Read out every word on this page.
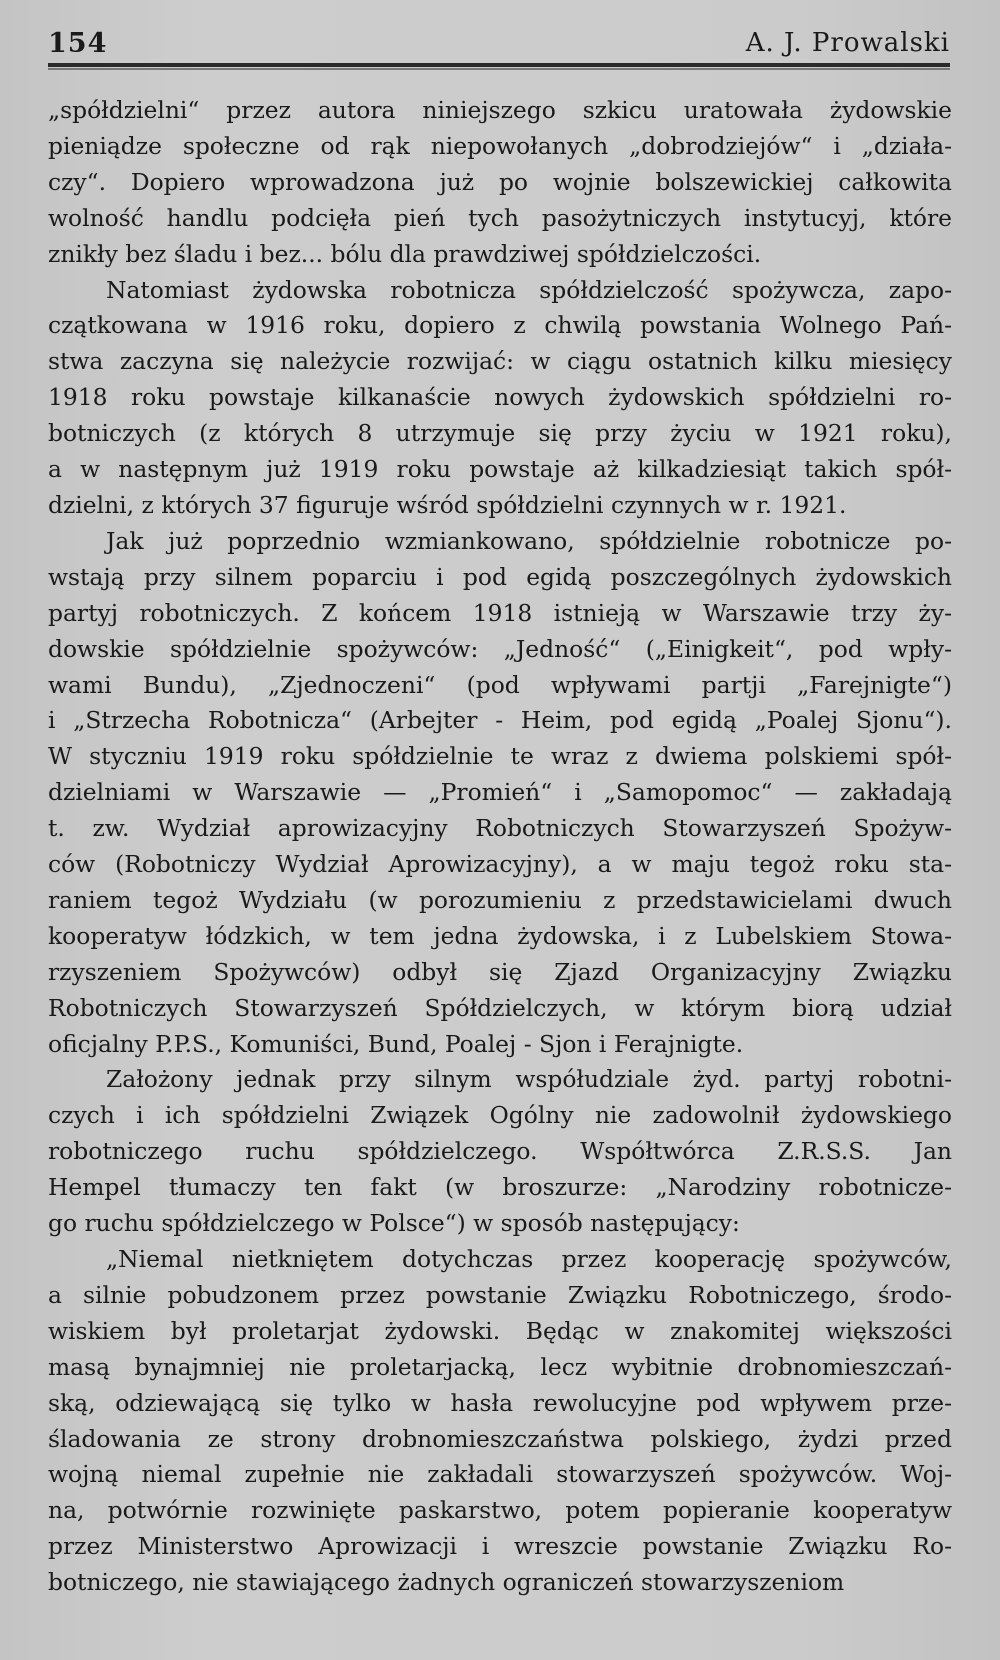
154	A. J. Prowalski

„spółdzielni“ przez autora niniejszego szkicu uratowała żydowskie
pieniądze społeczne od rąk niepowołanych „dobrodziejów“ i „działa-
czy“. Dopiero wprowadzona już po wojnie bolszewickiej całkowita
wolność handlu podcięła pień tych pasożytniczych instytucyj, które
znikły bez śladu i bez... bólu dla prawdziwej spółdzielczości.

Natomiast żydowska robotnicza spółdzielczość spożywcza, zapo-
czątkowana w 1916 roku, dopiero z chwilą powstania Wolnego Pań-
stwa zaczyna się należycie rozwijać: w ciągu ostatnich kilku miesięcy
1918 roku powstaje kilkanaście nowych żydowskich spółdzielni ro-
botniczych (z których 8 utrzymuje się przy życiu w 1921 roku),
a w następnym już 1919 roku powstaje aż kilkadziesiąt takich spół-
dzielni, z których 37 figuruje wśród spółdzielni czynnych w r. 1921.

Jak już poprzednio wzmiankowano, spółdzielnie robotnicze po-
wstają przy silnem poparciu i pod egidą poszczególnych żydowskich
partyj robotniczych. Z końcem 1918 istnieją w Warszawie trzy ży-
dowskie spółdzielnie spożywców: „Jedność“ („Einigkeit“, pod wpły-
wami Bundu), „Zjednoczeni“ (pod wpływami partji „Farejnigte“)
i „Strzecha Robotnicza“ (Arbejter - Heim, pod egidą „Poalej Sjonu“).
W styczniu 1919 roku spółdzielnie te wraz z dwiema polskiemi spół-
dzielniami w Warszawie — „Promień“ i „Samopomoc“ — zakładają
t. zw. Wydział aprowizacyjny Robotniczych Stowarzyszeń Spożyw-
ców (Robotniczy Wydział Aprowizacyjny), a w maju tegoż roku sta-
raniem tegoż Wydziału (w porozumieniu z przedstawicielami dwuch
kooperatyw łódzkich, w tem jedna żydowska, i z Lubelskiem Stowa-
rzyszeniem Spożywców) odbył się Zjazd Organizacyjny Związku
Robotniczych Stowarzyszeń Spółdzielczych, w którym biorą udział
oficjalny P.P.S., Komuniści, Bund, Poalej - Sjon i Ferajnigte.

Założony jednak przy silnym współudziale żyd. partyj robotni-
czych i ich spółdzielni Związek Ogólny nie zadowolnił żydowskiego
robotniczego ruchu spółdzielczego. Współtwórca Z.R.S.S. Jan
Hempel tłumaczy ten fakt (w broszurze: „Narodziny robotnicze-
go ruchu spółdzielczego w Polsce“) w sposób następujący:

„Niemal nietkniętem dotychczas przez kooperację spożywców,
a silnie pobudzonem przez powstanie Związku Robotniczego, środo-
wiskiem był proletarjat żydowski. Będąc w znakomitej większości
masą bynajmniej nie proletarjacką, lecz wybitnie drobnomieszczań-
ską, odziewającą się tylko w hasła rewolucyjne pod wpływem prze-
śladowania ze strony drobnomieszczaństwa polskiego, żydzi przed
wojną niemal zupełnie nie zakładali stowarzyszeń spożywców. Woj-
na, potwórnie rozwinięte paskarstwo, potem popieranie kooperatyw
przez Ministerstwo Aprowizacji i wreszcie powstanie Związku Ro-
botniczego, nie stawiającego żadnych ograniczeń stowarzyszeniom
